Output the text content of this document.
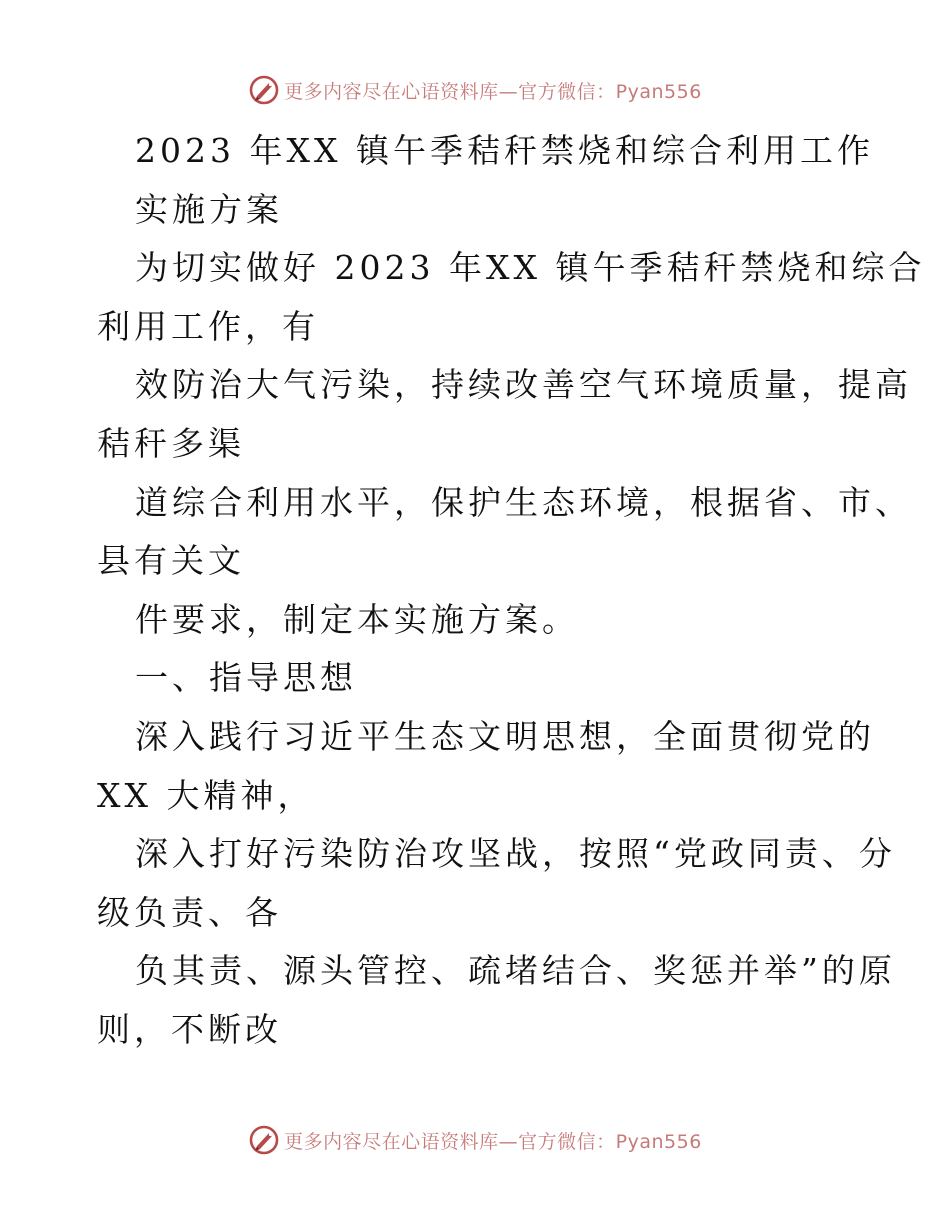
更多内容尽在心语资料库—官方微信：Pyan556
2023 年XX 镇午季秸秆禁烧和综合利用工作
实施方案
为切实做好 2023 年XX 镇午季秸秆禁烧和综合
利用工作，有
效防治大气污染，持续改善空气环境质量，提高
秸秆多渠
道综合利用水平，保护生态环境，根据省、市、
县有关文
件要求，制定本实施方案。
一、指导思想
深入践行习近平生态文明思想，全面贯彻党的
XX 大精神，
深入打好污染防治攻坚战，按照“党政同责、分
级负责、各
负其责、源头管控、疏堵结合、奖惩并举”的原
则，不断改
更多内容尽在心语资料库—官方微信：Pyan556
